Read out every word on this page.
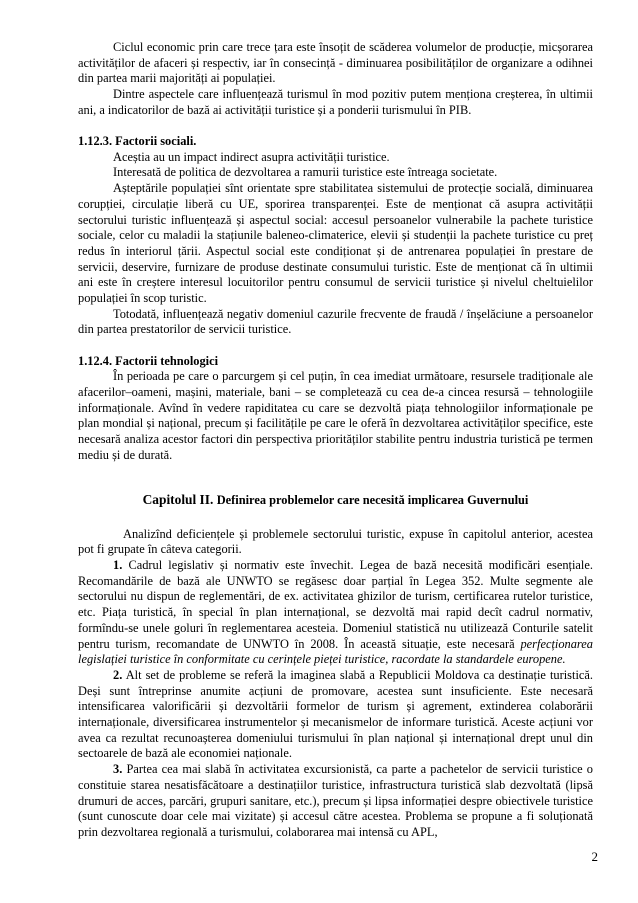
Ciclul economic prin care trece țara este însoțit de scăderea volumelor de producție, micșorarea activităților de afaceri și respectiv, iar în consecință - diminuarea posibilităților de organizare a odihnei din partea marii majorități ai populației.

Dintre aspectele care influențează turismul în mod pozitiv putem menționa creșterea, în ultimii ani, a indicatorilor de bază ai activității turistice și a ponderii turismului în PIB.

1.12.3. Factorii sociali.

Aceștia au un impact indirect asupra activității turistice.

Interesată de politica de dezvoltarea a ramurii turistice este întreaga societate.

Așteptările populației sînt orientate spre stabilitatea sistemului de protecție socială, diminuarea corupției, circulație liberă cu UE, sporirea transparenței. Este de menționat că asupra activității sectorului turistic influențează și aspectul social: accesul persoanelor vulnerabile la pachete turistice sociale, celor cu maladii la stațiunile baleneo-climaterice, elevii și studenții la pachete turistice cu preț redus în interiorul țării. Aspectul social este condiționat și de antrenarea populației în prestare de servicii, deservire, furnizare de produse destinate consumului turistic. Este de menționat că în ultimii ani este în creștere interesul locuitorilor pentru consumul de servicii turistice și nivelul cheltuielilor populației în scop turistic.

Totodată, influențează negativ domeniul cazurile frecvente de fraudă / înșelăciune a persoanelor din partea prestatorilor de servicii turistice.

1.12.4. Factorii tehnologici

În perioada pe care o parcurgem și cel puțin, în cea imediat următoare, resursele tradiționale ale afacerilor–oameni, mașini, materiale, bani – se completează cu cea de-a cincea resursă – tehnologiile informaționale. Avînd în vedere rapiditatea cu care se dezvoltă piața tehnologiilor informaționale pe plan mondial și național, precum și facilitățile pe care le oferă în dezvoltarea activităților specifice, este necesară analiza acestor factori din perspectiva priorităților stabilite pentru industria turistică pe termen mediu și de durată.

Capitolul II. Definirea problemelor care necesită implicarea Guvernului

Analizînd deficiențele și problemele sectorului turistic, expuse în capitolul anterior, acestea pot fi grupate în câteva categorii.

1. Cadrul legislativ și normativ este învechit. Legea de bază necesită modificări esențiale. Recomandările de bază ale UNWTO se regăsesc doar parțial în Legea 352. Multe segmente ale sectorului nu dispun de reglementări, de ex. activitatea ghizilor de turism, certificarea rutelor turistice, etc. Piața turistică, în special în plan internațional, se dezvoltă mai rapid decît cadrul normativ, formîndu-se unele goluri în reglementarea acesteia. Domeniul statistică nu utilizează Conturile satelit pentru turism, recomandate de UNWTO în 2008. În această situație, este necesară perfecționarea legislației turistice în conformitate cu cerințele pieței turistice, racordate la standardele europene.

2. Alt set de probleme se referă la imaginea slabă a Republicii Moldova ca destinație turistică. Deși sunt întreprinse anumite acțiuni de promovare, acestea sunt insuficiente. Este necesară intensificarea valorificării și dezvoltării formelor de turism și agrement, extinderea colaborării internaționale, diversificarea instrumentelor și mecanismelor de informare turistică. Aceste acțiuni vor avea ca rezultat recunoașterea domeniului turismului în plan național și internațional drept unul din sectoarele de bază ale economiei naționale.

3. Partea cea mai slabă în activitatea excursionistă, ca parte a pachetelor de servicii turistice o constituie starea nesatisfăcătoare a destinațiilor turistice, infrastructura turistică slab dezvoltată (lipsă drumuri de acces, parcări, grupuri sanitare, etc.), precum și lipsa informației despre obiectivele turistice (sunt cunoscute doar cele mai vizitate) și accesul către acestea. Problema se propune a fi soluționată prin dezvoltarea regională a turismului, colaborarea mai intensă cu APL,

2
